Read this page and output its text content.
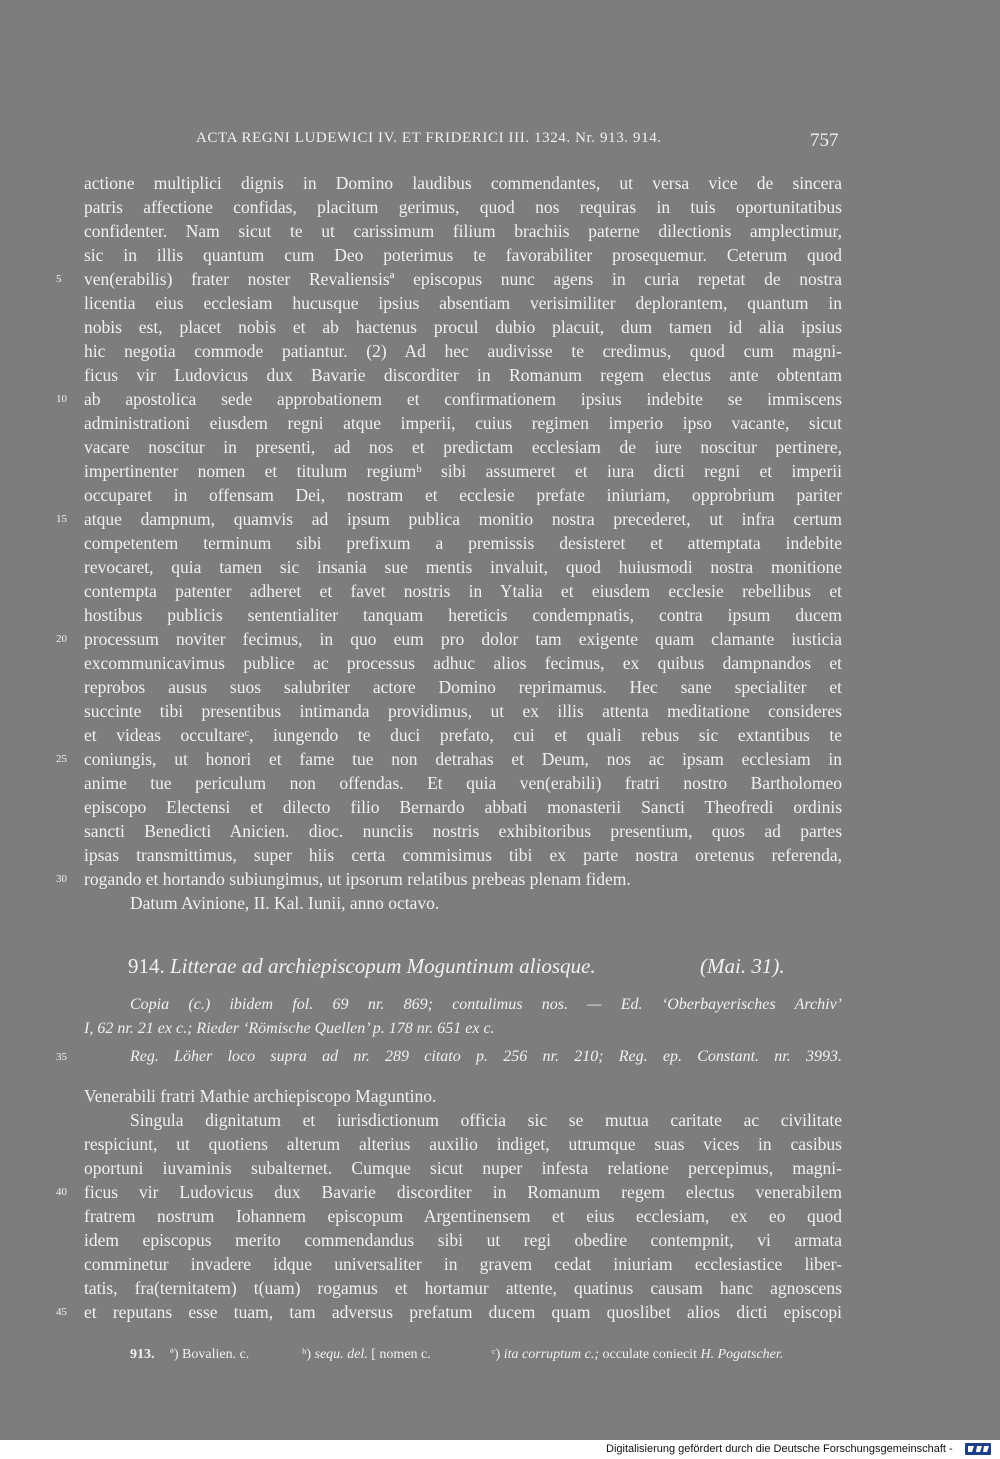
ACTA REGNI LUDEWICI IV. ET FRIDERICI III. 1324. Nr. 913. 914.	757
actione multiplici dignis in Domino laudibus commendantes, ut versa vice de sincera
patris affectione confidas, placitum gerimus, quod nos requiras in tuis oportunitatibus
confidenter. Nam sicut te ut carissimum filium brachiis paterne dilectionis amplectimur,
sic in illis quantum cum Deo poterimus te favorabiliter prosequemur. Ceterum quod
ven(erabilis) frater noster Revaliensisª episcopus nunc agens in curia repetat de nostra
licentia eius ecclesiam hucusque ipsius absentiam verisimiliter deplorantem, quantum in
nobis est, placet nobis et ab hactenus procul dubio placuit, dum tamen id alia ipsius
hic negotia commode patiantur. (2) Ad hec audivisse te credimus, quod cum magni-
ficus vir Ludovicus dux Bavarie discorditer in Romanum regem electus ante obtentam
ab apostolica sede approbationem et confirmationem ipsius indebite se immiscens
administrationi eiusdem regni atque imperii, cuius regimen imperio ipso vacante, sicut
vacare noscitur in presenti, ad nos et predictam ecclesiam de iure noscitur pertinere,
impertinenter nomen et titulum regiumᵇ sibi assumeret et iura dicti regni et imperii
occuparet in offensam Dei, nostram et ecclesie prefate iniuriam, opprobrium pariter
atque dampnum, quamvis ad ipsum publica monitio nostra precederet, ut infra certum
competentem terminum sibi prefixum a premissis desisteret et attemptata indebite
revocaret, quia tamen sic insania sue mentis invaluit, quod huiusmodi nostra monitione
contempta patenter adheret et favet nostris in Ytalia et eiusdem ecclesie rebellibus et
hostibus publicis sententialiter tanquam hereticis condempnatis, contra ipsum ducem
processum noviter fecimus, in quo eum pro dolor tam exigente quam clamante iusticia
excommunicavimus publice ac processus adhuc alios fecimus, ex quibus dampnandos et
reprobos ausus suos salubriter actore Domino reprimamus. Hec sane specialiter et
succinte tibi presentibus intimanda providimus, ut ex illis attenta meditatione consideres
et videas occultareᶜ, iungendo te duci prefato, cui et quali rebus sic extantibus te
coniungis, ut honori et fame tue non detrahas et Deum, nos ac ipsam ecclesiam in
anime tue periculum non offendas. Et quia ven(erabili) fratri nostro Bartholomeo
episcopo Electensi et dilecto filio Bernardo abbati monasterii Sancti Theofredi ordinis
sancti Benedicti Anicien. dioc. nunciis nostris exhibitoribus presentium, quos ad partes
ipsas transmittimus, super hiis certa commisimus tibi ex parte nostra oretenus referenda,
rogando et hortando subiungimus, ut ipsorum relatibus prebeas plenam fidem.
Datum Avinione, II. Kal. Iunii, anno octavo.
914. Litterae ad archiepiscopum Moguntinum aliosque.	(Mai. 31).
Copia (c.) ibidem fol. 69 nr. 869; contulimus nos. — Ed. ‘Oberbayerisches Archiv’
I, 62 nr. 21 ex c.; Rieder ‘Römische Quellen’ p. 178 nr. 651 ex c.
Reg. Löher loco supra ad nr. 289 citato p. 256 nr. 210; Reg. ep. Constant. nr. 3993.
Venerabili fratri Mathie archiepiscopo Maguntino.
Singula dignitatum et iurisdictionum officia sic se mutua caritate ac civilitate
respiciunt, ut quotiens alterum alterius auxilio indiget, utrumque suas vices in casibus
oportuni iuvaminis subalternet. Cumque sicut nuper infesta relatione percepimus, magni-
ficus vir Ludovicus dux Bavarie discorditer in Romanum regem electus venerabilem
fratrem nostrum Iohannem episcopum Argentinensem et eius ecclesiam, ex eo quod
idem episcopus merito commendandus sibi ut regi obedire contempnit, vi armata
comminetur invadere idque universaliter in gravem cedat iniuriam ecclesiastice liber-
tatis, fra(ternitatem) t(uam) rogamus et hortamur attente, quatinus causam hanc agnoscens
et reputans esse tuam, tam adversus prefatum ducem quam quoslibet alios dicti episcopi
5
10
15
20
25
30
35
40
45
913. ª) Bovalien. c.	ᵇ) sequ. del. [ nomen c.	ᶜ) ita corruptum c.; occulate coniecit H. Pogatscher.
Digitalisierung gefördert durch die Deutsche Forschungsgemeinschaft -
